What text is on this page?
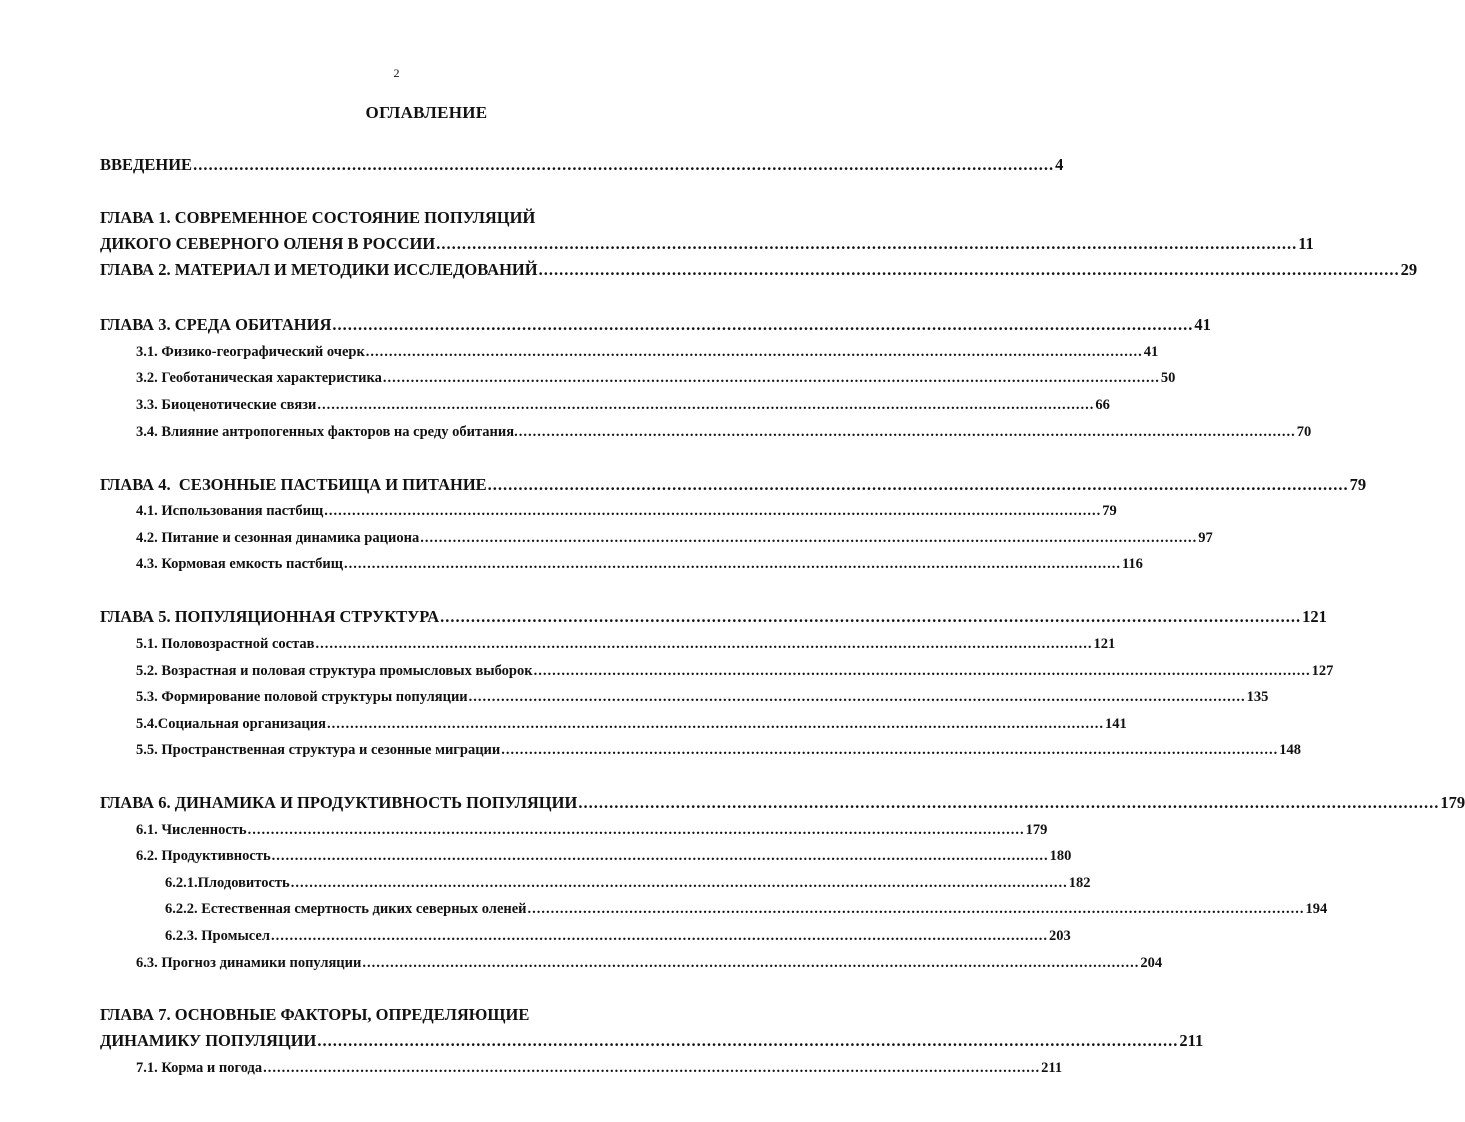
2
ОГЛАВЛЕНИЕ
ВВЕДЕНИЕ ........................................................................................................................................................................ 4
ГЛАВА 1. СОВРЕМЕННОЕ СОСТОЯНИЕ ПОПУЛЯЦИЙ
ДИКОГО СЕВЕРНОГО ОЛЕНЯ В РОССИИ ........................................................................................................................................................................ 11
ГЛАВА 2. МАТЕРИАЛ И МЕТОДИКИ ИССЛЕДОВАНИЙ ........................................................................................................................................................................ 29
ГЛАВА 3. СРЕДА ОБИТАНИЯ ........................................................................................................................................................................ 41
3.1. Физико-географический очерк ........................................................................................................................................................................ 41
3.2. Геоботаническая характеристика ........................................................................................................................................................................ 50
3.3. Биоценотические связи ........................................................................................................................................................................ 66
3.4. Влияние антропогенных факторов на среду обитания. ........................................................................................................................................................................ 70
ГЛАВА 4.  СЕЗОННЫЕ ПАСТБИЩА И ПИТАНИЕ ........................................................................................................................................................................ 79
4.1. Использования пастбищ ........................................................................................................................................................................ 79
4.2. Питание и сезонная динамика рациона ........................................................................................................................................................................ 97
4.3. Кормовая емкость пастбищ ........................................................................................................................................................................ 116
ГЛАВА 5. ПОПУЛЯЦИОННАЯ СТРУКТУРА ........................................................................................................................................................................ 121
5.1. Половозрастной состав ........................................................................................................................................................................ 121
5.2. Возрастная и половая структура промысловых выборок ........................................................................................................................................................................ 127
5.3. Формирование половой структуры популяции ........................................................................................................................................................................ 135
5.4.Социальная организация ........................................................................................................................................................................ 141
5.5. Пространственная структура и сезонные миграции ........................................................................................................................................................................ 148
ГЛАВА 6. ДИНАМИКА И ПРОДУКТИВНОСТЬ ПОПУЛЯЦИИ ........................................................................................................................................................................ 179
6.1. Численность ........................................................................................................................................................................ 179
6.2. Продуктивность ........................................................................................................................................................................ 180
6.2.1.Плодовитость ........................................................................................................................................................................ 182
6.2.2. Естественная смертность диких северных оленей ........................................................................................................................................................................ 194
6.2.3. Промысел ........................................................................................................................................................................ 203
6.3. Прогноз динамики популяции ........................................................................................................................................................................ 204
ГЛАВА 7. ОСНОВНЫЕ ФАКТОРЫ, ОПРЕДЕЛЯЮЩИЕ
ДИНАМИКУ ПОПУЛЯЦИИ ........................................................................................................................................................................ 211
7.1. Корма и погода ........................................................................................................................................................................ 211
